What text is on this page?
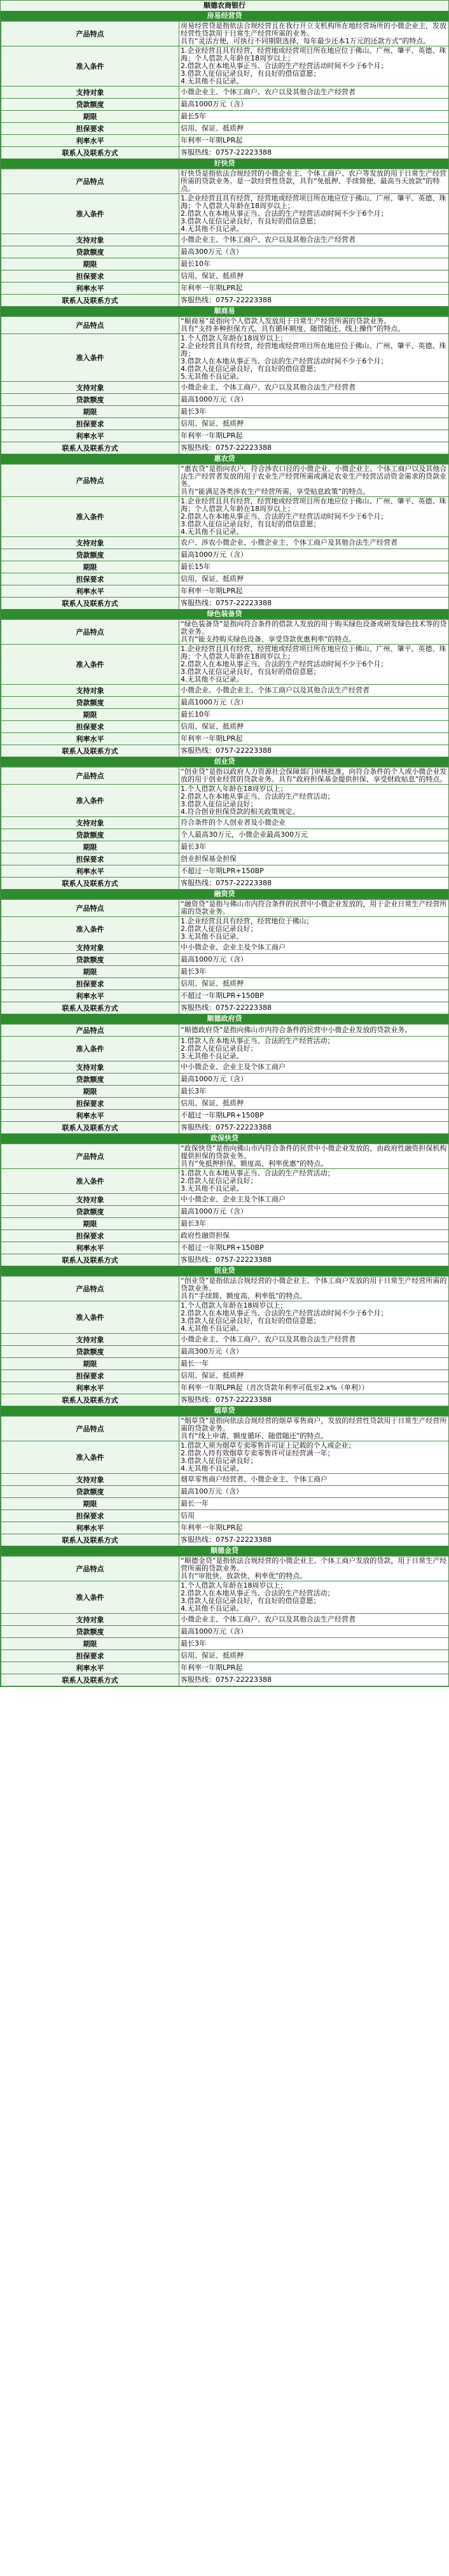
顺德农商银行
房易经营贷
产品特点	房易经营贷是指依法合规经营且在我行开立支机构所在地经营场所的小微企业主，发放经营性贷款用于日常生产经营所需的业务。
具有“灵活方便，可执行不同期限选择，每年最少还本1万元的还款方式”的特点。

准入条件	1.企业经营且具有经营，经营地或经营项目所在地应位于佛山、广州、肇平、英德、珠海；个人借款人年龄在18周岁以上；
2.借款人在本地从事正当、合法的生产经营活动时间不少于6个月；
3.借款人征信记录良好，有良好的借信意愿；
4.无其他不良记录。

支持对象	小微企业主、个体工商户、农户以及其他合法生产经营者

贷款额度	最高1000万元（含）

期限	最长5年

担保要求	信用、保证、抵质押

利率水平	年利率一年期LPR起

联系人及联系方式	客服热线：0757-22223388
好快贷
产品特点	好快贷是指依法合规经营的小微企业主、个体工商户、农户等发放的用于日常生产经营所需的贷款业务。是一款经营性贷款，具有“免抵押、手续简便、最高当天放款”的特点。

准入条件	1.企业经营且具有经营，经营地或经营项目所在地应位于佛山、广州、肇平、英德、珠海；个人借款人年龄在18周岁以上；
2.借款人在本地从事正当、合法的生产经营活动时间不少于6个月；
3.借款人征信记录良好，有良好的借信意愿；
4.无其他不良记录。

支持对象	小微企业主、个体工商户、农户以及其他合法生产经营者

贷款额度	最高300万元（含）

期限	最长10年

担保要求	信用、保证、抵质押

利率水平	年利率一年期LPR起

联系人及联系方式	客服热线：0757-22223388
顺商易
产品特点	“顺商易”是指向个人借款人发放用于日常生产经营所需的贷款业务。
具有“支持多种担保方式、具有循环额度、随借随还、线上操作”的特点。

准入条件	1.个人借款人年龄在18周岁以上；
2.企业经营且具有经营，经营地或经营项目所在地应位于佛山、广州、肇平、英德、珠海；
3.借款人在本地从事正当、合法的生产经营活动时间不少于6个月；
4.借款人征信记录良好，有良好的借信意愿；
5.无其他不良记录。

支持对象	小微企业主、个体工商户、农户以及其他合法生产经营者

贷款额度	最高1000万元（含）

期限	最长3年

担保要求	信用、保证、抵质押

利率水平	年利率一年期LPR起

联系人及联系方式	客服热线：0757-22223388
惠农贷
产品特点	“惠农贷”是指向农户、符合涉农口径的小微企业、小微企业主、个体工商户以及其他合法生产经营者发放的用于农业生产经营所需或满足农业生产经营活动资金需求的贷款业务。
具有“能满足各类涉农生产经营所需，享受贴息政策”的特点。

准入条件	1.企业经营且具有经营，经营地或经营项目所在地应位于佛山、广州、肇平、英德、珠海；个人借款人年龄在18周岁以上；
2.借款人在本地从事正当、合法的生产经营活动时间不少于6个月；
3.借款人征信记录良好，有良好的借信意愿；
4.无其他不良记录。

支持对象	农户、涉农小微企业、小微企业主、个体工商户及其他合法生产经营者

贷款额度	最高1000万元（含）

期限	最长15年

担保要求	信用、保证、抵质押

利率水平	年利率一年期LPR起

联系人及联系方式	客服热线：0757-22223388
绿色装备贷
产品特点	“绿色装备贷”是指向符合条件的借款人发放的用于购买绿色设备或研发绿色技术等的贷款业务。
具有“能支持购买绿色设备、享受贷款优惠利率”的特点。

准入条件	1.企业经营且具有经营，经营地或经营项目所在地应位于佛山、广州、肇平、英德、珠海；个人借款人年龄在18周岁以上；
2.借款人在本地从事正当、合法的生产经营活动时间不少于6个月；
3.借款人征信记录良好，有良好的借信意愿；
4.无其他不良记录。

支持对象	小微企业、小微企业主、个体工商户以及其他合法生产经营者

贷款额度	最高1000万元（含）

期限	最长10年

担保要求	信用、保证、抵质押

利率水平	年利率一年期LPR起

联系人及联系方式	客服热线：0757-22223388
创业贷
产品特点	“创业贷”是指以政府人力资源社会保障部门审核批准，向符合条件的个人或小微企业发放的用于创业经营的贷款业务。具有“政府担保基金提供担保、享受财政贴息”的特点。

准入条件	1.个人借款人年龄在18周岁以上；
2.借款人在本地从事正当、合法的生产经营活动；
3.借款人征信记录良好；
4.符合创业担保贷款的相关政策规定。

支持对象	符合条件的个人创业者及小微企业

贷款额度	个人最高30万元，小微企业最高300万元

期限	最长3年

担保要求	创业担保基金担保

利率水平	不超过一年期LPR+150BP

联系人及联系方式	客服热线：0757-22223388
融资贷
产品特点	“融资贷”是指与佛山市内符合条件的民营中小微企业发放的，用于企业日常生产经营所需的贷款业务。

准入条件	1.企业经营且具有经营，经营地位于佛山；
2.借款人征信记录良好；
3.无其他不良记录。

支持对象	中小微企业、企业主及个体工商户

贷款额度	最高1000万元（含）

期限	最长3年

担保要求	信用、保证、抵质押

利率水平	不超过一年期LPR+150BP

联系人及联系方式	客服热线：0757-22223388
顺德政府贷
产品特点	“顺德政府贷”是指向佛山市内符合条件的民营中小微企业发放的贷款业务。

准入条件	1.借款人在本地从事正当、合法的生产经营活动；
2.借款人征信记录良好；
3.无其他不良记录。

支持对象	中小微企业、企业主及个体工商户

贷款额度	最高1000万元（含）

期限	最长3年

担保要求	信用、保证、抵质押

利率水平	不超过一年期LPR+150BP

联系人及联系方式	客服热线：0757-22223388
政保快贷
产品特点	“政保快贷”是指向佛山市内符合条件的民营中小微企业发放的，由政府性融资担保机构提供担保的贷款业务。
具有“免抵押担保、额度高、利率优惠”的特点。

准入条件	1.借款人在本地从事正当、合法的生产经营活动；
2.借款人征信记录良好；
3.无其他不良记录。

支持对象	中小微企业、企业主及个体工商户

贷款额度	最高1000万元（含）

期限	最长3年

担保要求	政府性融资担保

利率水平	不超过一年期LPR+150BP

联系人及联系方式	客服热线：0757-22223388
创业贷
产品特点	“创业贷”是指依法合规经营的小微企业主、个体工商户发放的用于日常生产经营所需的贷款业务。
具有“手续简、额度高、利率低”的特点。

准入条件	1.个人借款人年龄在18周岁以上；
2.借款人在本地从事正当、合法的生产经营活动时间不少于6个月；
3.借款人征信记录良好，有良好的借信意愿；
4.无其他不良记录。

支持对象	小微企业主、个体工商户、农户以及其他合法生产经营者

贷款额度	最高300万元（含）

期限	最长一年

担保要求	信用、保证、抵质押

利率水平	年利率一年期LPR起（首次贷款年利率可低至2.x%（单利））

联系人及联系方式	客服热线：0757-22223388
烟草贷
产品特点	“烟草贷”是指向依法合规经营的烟草零售商户，发放的经营性贷款用于日常生产经营所需的贷款业务。
具有“线上申请、额度循环、随借随还”的特点。

准入条件	1.借款人须为烟草专卖零售许可证上记载的个人或企业；
2.借款人持有效烟草专卖零售许可证经营满一年；
3.借款人征信记录良好；
4.无其他不良记录。

支持对象	烟草零售商户经营者、小微企业主、个体工商户

贷款额度	最高100万元（含）

期限	最长一年

担保要求	信用

利率水平	年利率一年期LPR起

联系人及联系方式	客服热线：0757-22223388
顺德金贷
产品特点	“顺德金贷”是指依法合规经营的小微企业主、个体工商户发放的贷款，用于日常生产经营所需的贷款业务。
具有“审批快、放款快、利率优”的特点。

准入条件	1.个人借款人年龄在18周岁以上；
2.借款人在本地从事正当、合法的生产经营活动；
3.借款人征信记录良好，有良好的借信意愿；
4.无其他不良记录。

支持对象	小微企业主、个体工商户、农户以及其他合法生产经营者

贷款额度	最高1000万元（含）

期限	最长3年

担保要求	信用、保证、抵质押

利率水平	年利率一年期LPR起

联系人及联系方式	客服热线：0757-22223388
